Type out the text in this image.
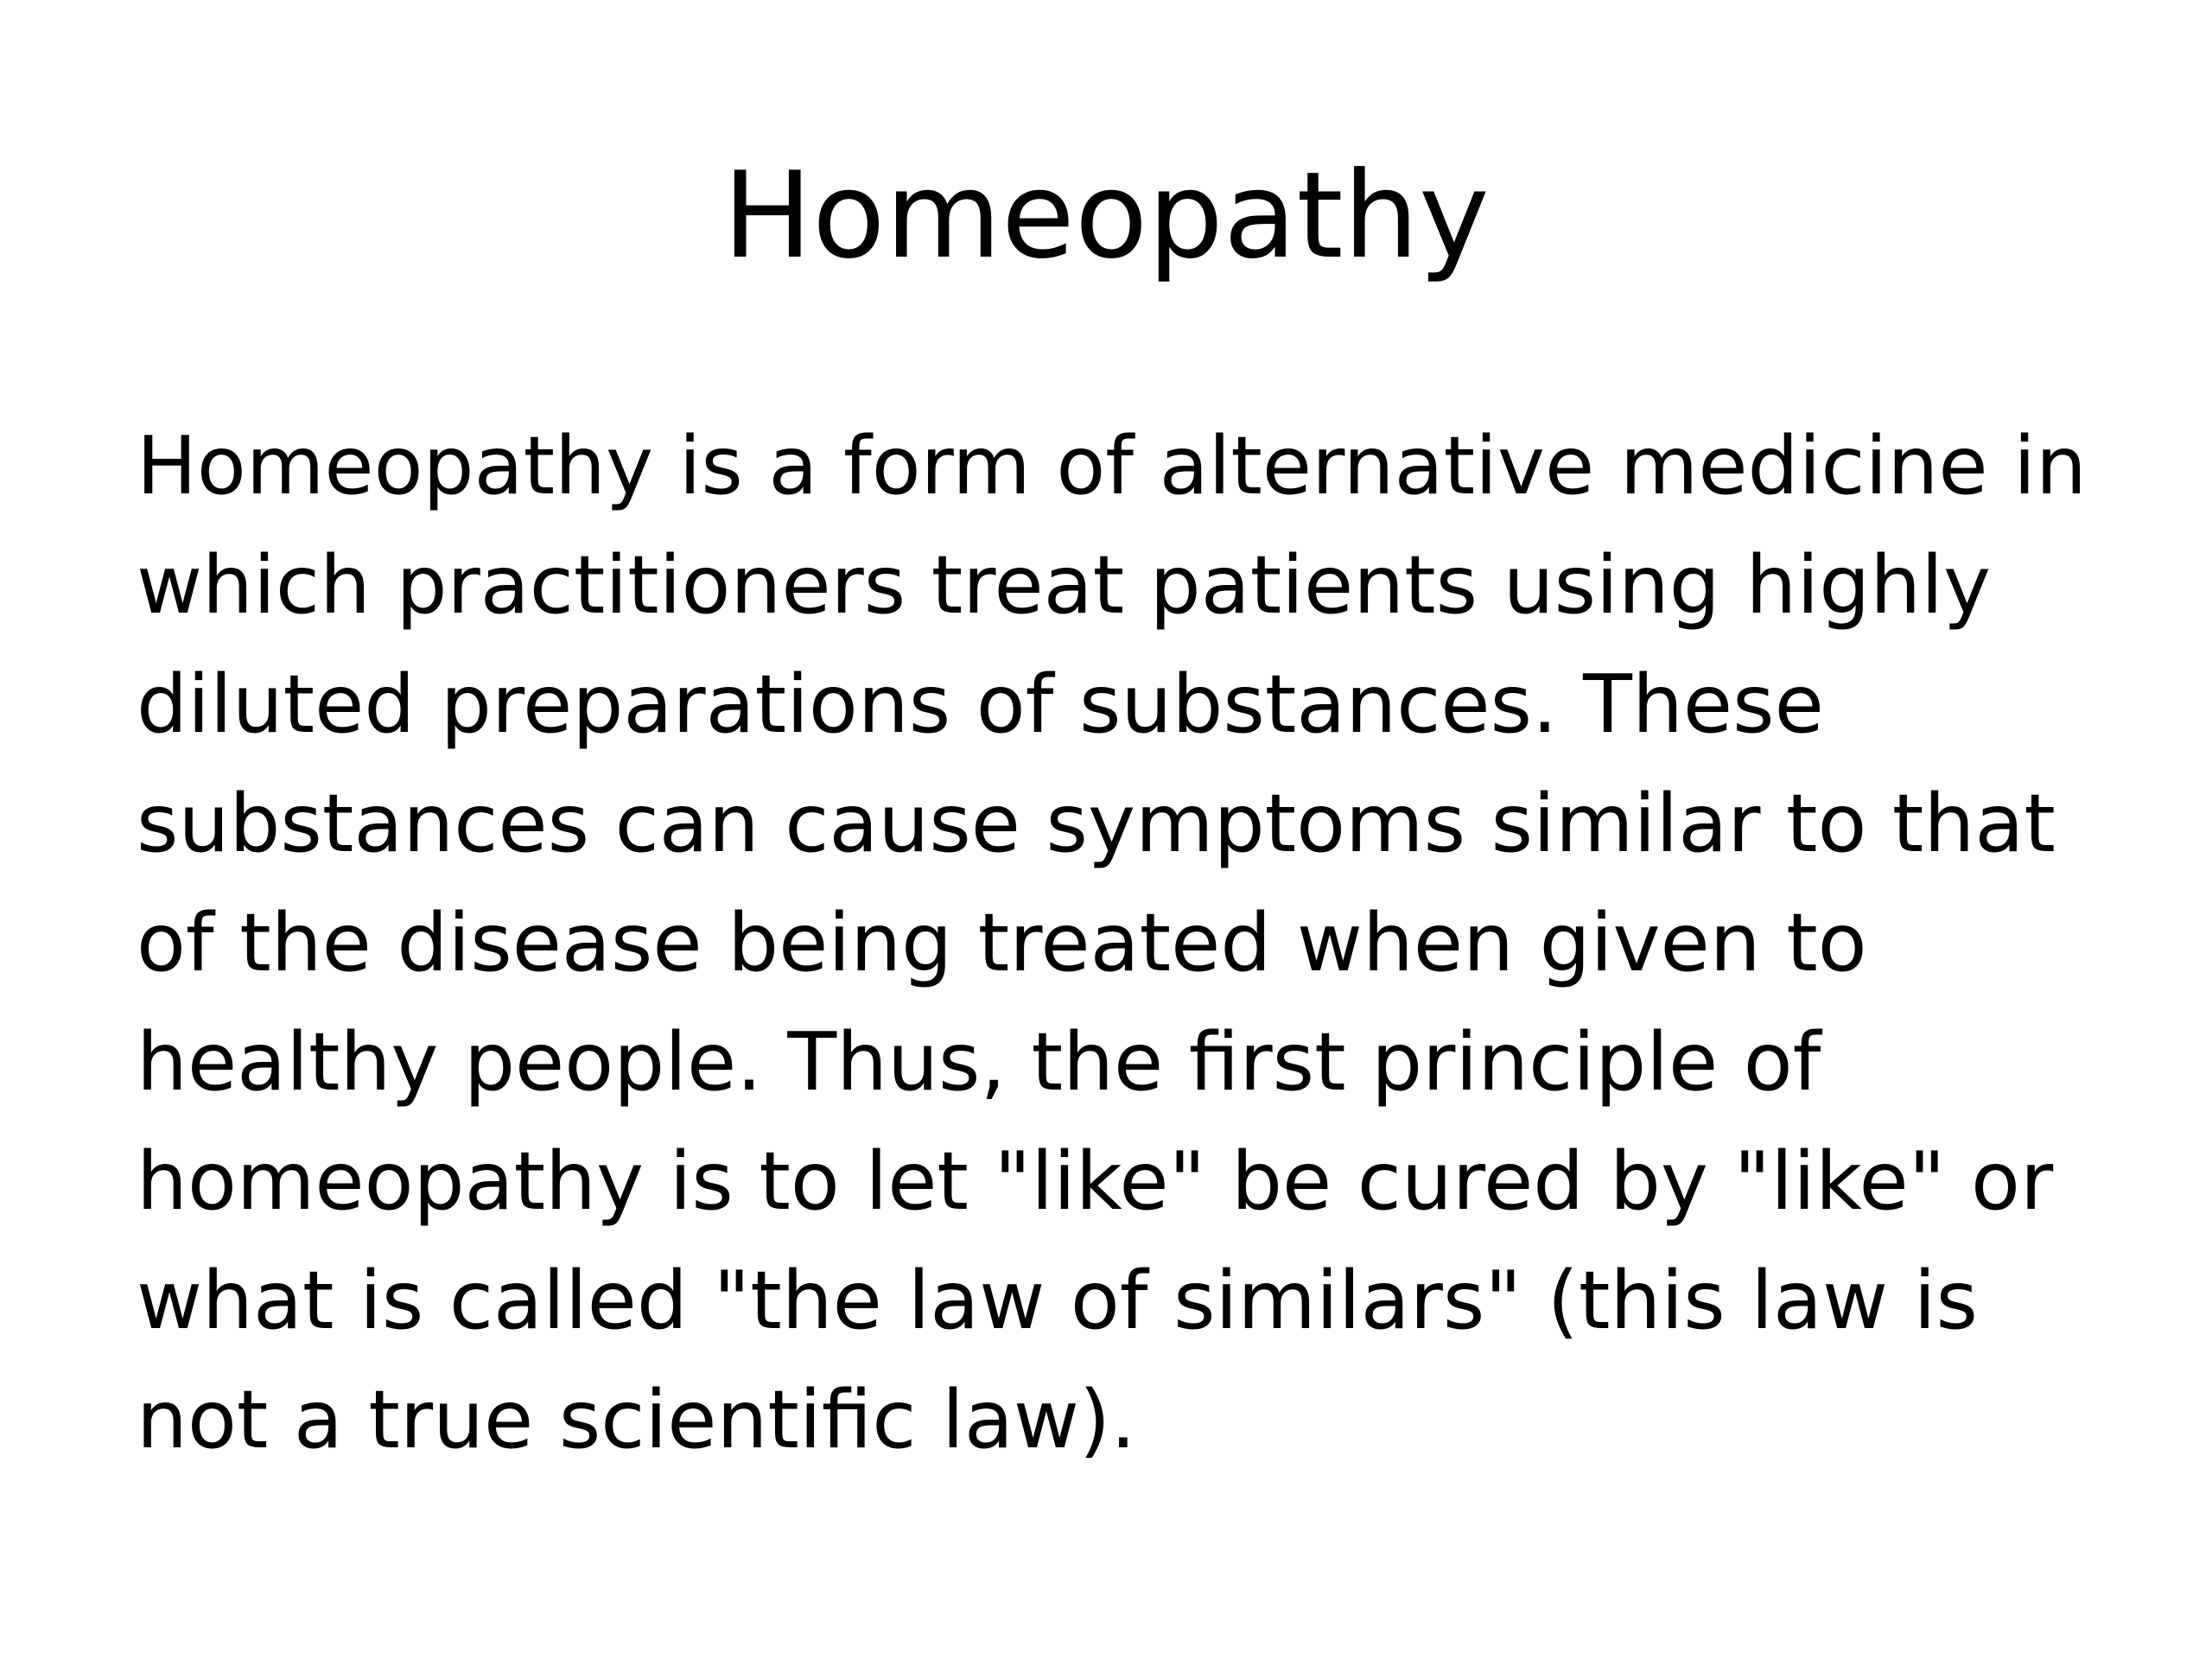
Homeopathy
Homeopathy is a form of alternative medicine in
which practitioners treat patients using highly
diluted preparations of substances. These
substances can cause symptoms similar to that
of the disease being treated when given to
healthy people. Thus, the first principle of
homeopathy is to let "like" be cured by "like" or
what is called "the law of similars" (this law is
not a true scientific law).
